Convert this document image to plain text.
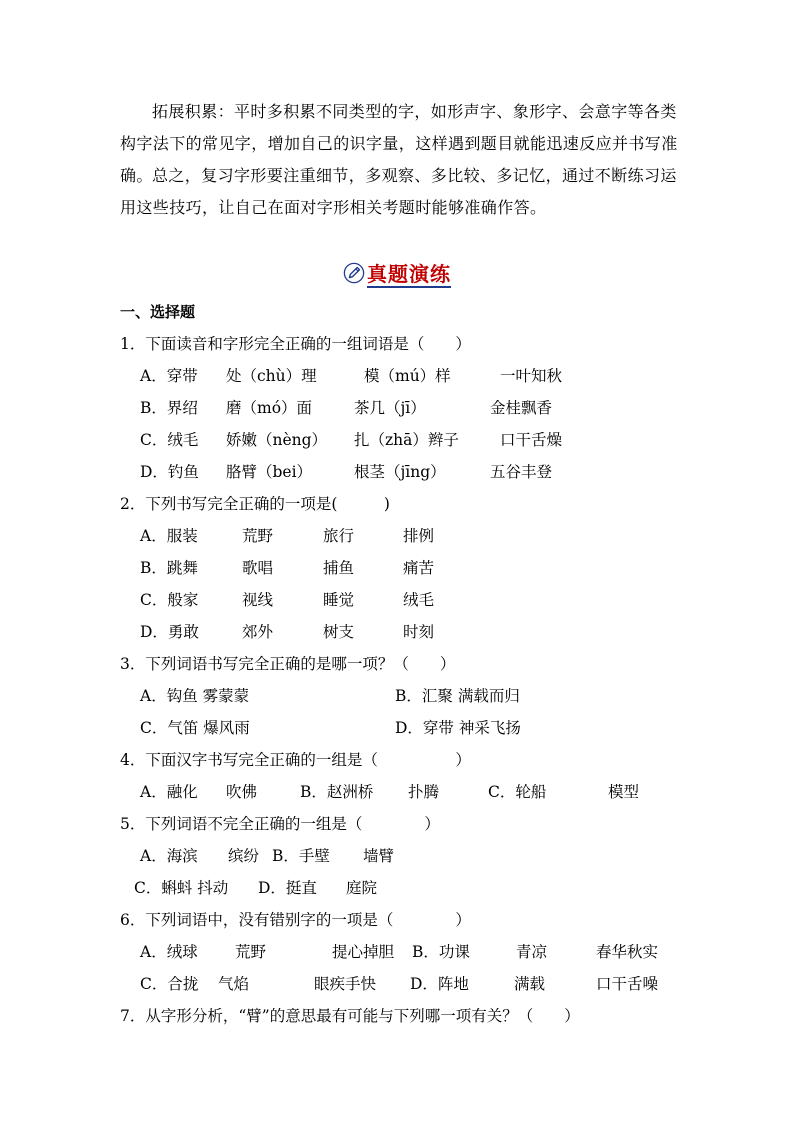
拓展积累：平时多积累不同类型的字，如形声字、象形字、会意字等各类构字法下的常见字，增加自己的识字量，这样遇到题目就能迅速反应并书写准确。 总之，复习字形要注重细节，多观察、多比较、多记忆，通过不断练习运用这些技巧，让自己在面对字形相关考题时能够准确作答。

真题演练
一、选择题
1．下面读音和字形完全正确的一组词语是（　　）
A．穿带 处（chù）理	模（mú）样	一叶知秋
B．界绍 磨（mó）面	茶几（jī）	金桂飘香
C．绒毛 娇嫩（nèng） 扎（zhā）辫子	口干舌燥
D．钓鱼 胳臂（bei）	根茎（jīng）	五谷丰登
2．下列书写完全正确的一项是(　　　)
A．服装	荒野	旅行	排例
B．跳舞	歌唱	捕鱼	痛苦
C．般家	视线	睡觉	绒毛
D．勇敢	郊外	树支	时刻
3．下列词语书写完全正确的是哪一项？（　　）
A．钩鱼 雾蒙蒙	B．汇聚 满载而归
C．气笛 爆风雨	D．穿带 神采飞扬
4．下面汉字书写完全正确的一组是（　　　　　）
A．融化 吹佛	B．赵洲桥 扑腾	C．轮船	模型
5．下列词语不完全正确的一组是（　　　　）
A．海滨 缤纷 B．手壁 墙臂
C．蝌蚪 抖动 D．挺直 庭院
6．下列词语中，没有错别字的一项是（　　　　）
A．绒球 荒野	提心掉胆 B．功课	青凉	春华秋实
C．合拢 气焰	眼疾手快 D．阵地	满载	口干舌噪
7．从字形分析，“臂”的意思最有可能与下列哪一项有关？（　　）
